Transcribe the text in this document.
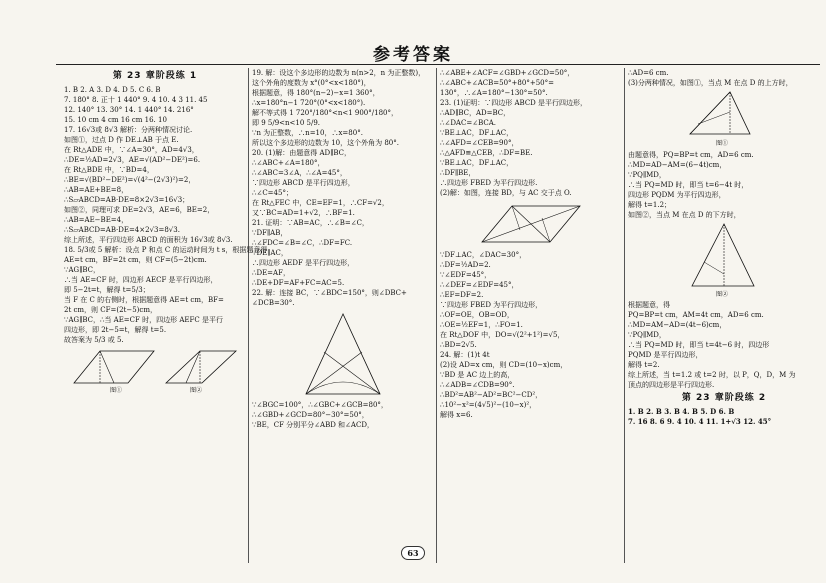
参考答案
第 23 章阶段练 1
1. B 2. A 3. D 4. D 5. C 6. B
7. 180° 8. 正十 1 440° 9. 4 10. 4 3 11. 45
12. 140° 13. 30° 14. 1 440° 14. 216°
15. 10 cm 4 cm 16 cm 16. 10
17. 16√3或 8√3 解析：分两种情况讨论.
如图①，过点 D 作 DE⊥AB 于点 E.
在 Rt△ADE 中，∵∠A=30°，AD=4√3，
∴DE=½AD=2√3，AE=√(AD²−DE²)=6.
在 Rt△BDE 中，∵BD=4，
∴BE=√(BD²−DE²)=√(4²−(2√3)²)=2，
∴AB=AE+BE=8，
∴S▱ABCD=AB·DE=8×2√3=16√3；
如图②，同理可求 DE=2√3，AE=6，BE=2，
∴AB=AE−BE=4，
∴S▱ABCD=AB·DE=4×2√3=8√3.
综上所述，平行四边形 ABCD 的面积为 16√3或 8√3.
18. 5/3或 5 解析：设点 P 和点 C 的运动时间为 t s，根据题意得
AE=t cm，BF=2t cm，则 CF=(5−2t)cm.
∵AG∥BC，
∴当 AE=CF 时，四边形 AECF 是平行四边形，
即 5−2t=t，解得 t=5/3；
当 F 在 C 的右侧时，根据题意得 AE=t cm，BF=
2t cm，则 CF=(2t−5)cm，
∵AG∥BC，∴当 AE=CF 时，四边形 AEFC 是平行
四边形，即 2t−5=t，解得 t=5.
故答案为 5/3 或 5.
图①	图②
19. 解：设这个多边形的边数为 n(n>2，n 为正整数)，
这个外角的度数为 x°(0°<x<180°)，
根据题意，得 180°(n−2)−x=1 360°，
∴x=180°n−1 720°(0°<x<180°).
解不等式得 1 720°/180°<n<1 900°/180°，
即 9 5/9<n<10 5/9.
∵n 为正整数，∴n=10，∴x=80°.
所以这个多边形的边数为 10，这个外角为 80°.
20. (1)解：由题意得 AD∥BC，
∴∠ABC+∠A=180°，
∴∠ABC=3∠A，∴∠A=45°，
∵四边形 ABCD 是平行四边形，
∴∠C=45°；
在 Rt△FEC 中，CE=EF=1，∴CF=√2，
又∵BC=AD=1+√2，∴BF=1.
21. 证明：∵AB=AC，∴∠B=∠C，
∵DF∥AB，
∴∠FDC=∠B=∠C，∴DF=FC.
∵DE∥AC，
∴四边形 AEDF 是平行四边形，
∴DE=AF，
∴DE+DF=AF+FC=AC=5.
22. 解：连接 BC，∵∠BDC=150°，则∠DBC+
∠DCB=30°.
∵∠BGC=100°，∴∠GBC+∠GCB=80°，
∴∠GBD+∠GCD=80°−30°=50°，
∵BE，CF 分别平分∠ABD 和∠ACD，
∴∠ABE+∠ACF=∠GBD+∠GCD=50°，
∴∠ABC+∠ACB=50°+80°+50°=
130°，∴∠A=180°−130°=50°.
23. (1)证明：∵四边形 ABCD 是平行四边形，
∴AD∥BC，AD=BC，
∴∠DAC=∠BCA.
∵BE⊥AC，DF⊥AC，
∴∠AFD=∠CEB=90°，
∴△AFD≌△CEB，∴DF=BE.
∵BE⊥AC，DF⊥AC，
∴DF∥BE，
∴四边形 FBED 为平行四边形.
(2)解：如图，连接 BD，与 AC 交于点 O.
∵DF⊥AC，∠DAC=30°，
∴DF=½AD=2.
∵∠EDF=45°，
∴∠DEF=∠EDF=45°，
∴EF=DF=2.
∵四边形 FBED 为平行四边形，
∴OF=OE，OB=OD，
∴OE=½EF=1，∴FO=1.
在 Rt△DOF 中，DO=√(2²+1²)=√5，
∴BD=2√5.
24. 解：(1)t 4t
(2)设 AD=x cm，则 CD=(10−x)cm，
∵BD 是 AC 边上的高，
∴∠ADB=∠CDB=90°.
∴BD²=AB²−AD²=BC²−CD²，
∴10²−x²=(4√5)²−(10−x)²，
解得 x=6.
∴AD=6 cm.
(3)分两种情况，如图①，当点 M 在点 D 的上方时，
图①
由题意得，PQ=BP=t cm，AD=6 cm.
∴MD=AD−AM=(6−4t)cm，
∵PQ∥MD，
∴当 PQ=MD 时，即当 t=6−4t 时，
四边形 PQDM 为平行四边形，
解得 t=1.2；
如图②，当点 M 在点 D 的下方时，
图②
根据题意，得
PQ=BP=t cm，AM=4t cm，AD=6 cm.
∴MD=AM−AD=(4t−6)cm，
∵PQ∥MD，
∴当 PQ=MD 时，即当 t=4t−6 时，四边形
PQMD 是平行四边形，
解得 t=2.
综上所述，当 t=1.2 或 t=2 时，以 P，Q，D，M 为
顶点的四边形是平行四边形.
第 23 章阶段练 2
1. B 2. B 3. B 4. B 5. D 6. B
7. 16 8. 6 9. 4 10. 4 11. 1+√3 12. 45°
63
